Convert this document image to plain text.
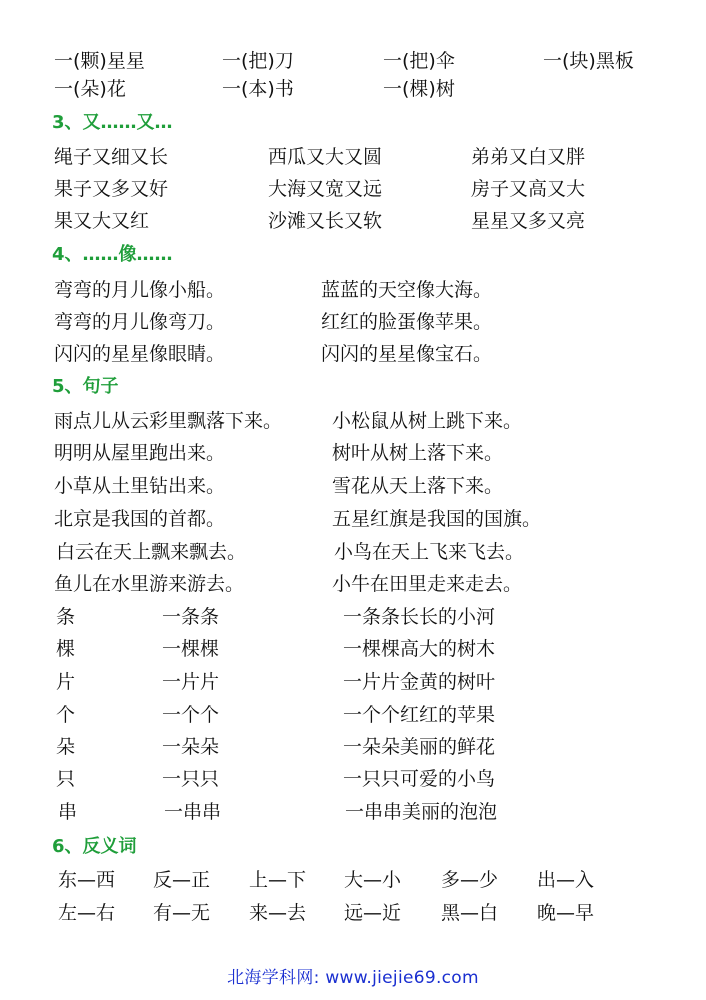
一(颗)星星	一(把)刀	一(把)伞	一(块)黑板
一(朵)花	一(本)书	一(棵)树
3、又……又…
绳子又细又长	西瓜又大又圆	弟弟又白又胖
果子又多又好	大海又宽又远	房子又高又大
果又大又红	沙滩又长又软	星星又多又亮
4、……像……
弯弯的月儿像小船。	蓝蓝的天空像大海。
弯弯的月儿像弯刀。	红红的脸蛋像苹果。
闪闪的星星像眼睛。	闪闪的星星像宝石。
5、句子
雨点儿从云彩里飘落下来。	小松鼠从树上跳下来。
明明从屋里跑出来。	树叶从树上落下来。
小草从土里钻出来。	雪花从天上落下来。
北京是我国的首都。	五星红旗是我国的国旗。
白云在天上飘来飘去。	小鸟在天上飞来飞去。
鱼儿在水里游来游去。	小牛在田里走来走去。
条	一条条	一条条长长的小河
棵	一棵棵	一棵棵高大的树木
片	一片片	一片片金黄的树叶
个	一个个	一个个红红的苹果
朵	一朵朵	一朵朵美丽的鲜花
只	一只只	一只只可爱的小鸟
串	一串串	一串串美丽的泡泡
6、反义词
东—西 反—正 上—下 大—小 多—少 出—入
左—右 有—无 来—去 远—近 黑—白 晚—早
北海学科网: www.jiejie69.com
